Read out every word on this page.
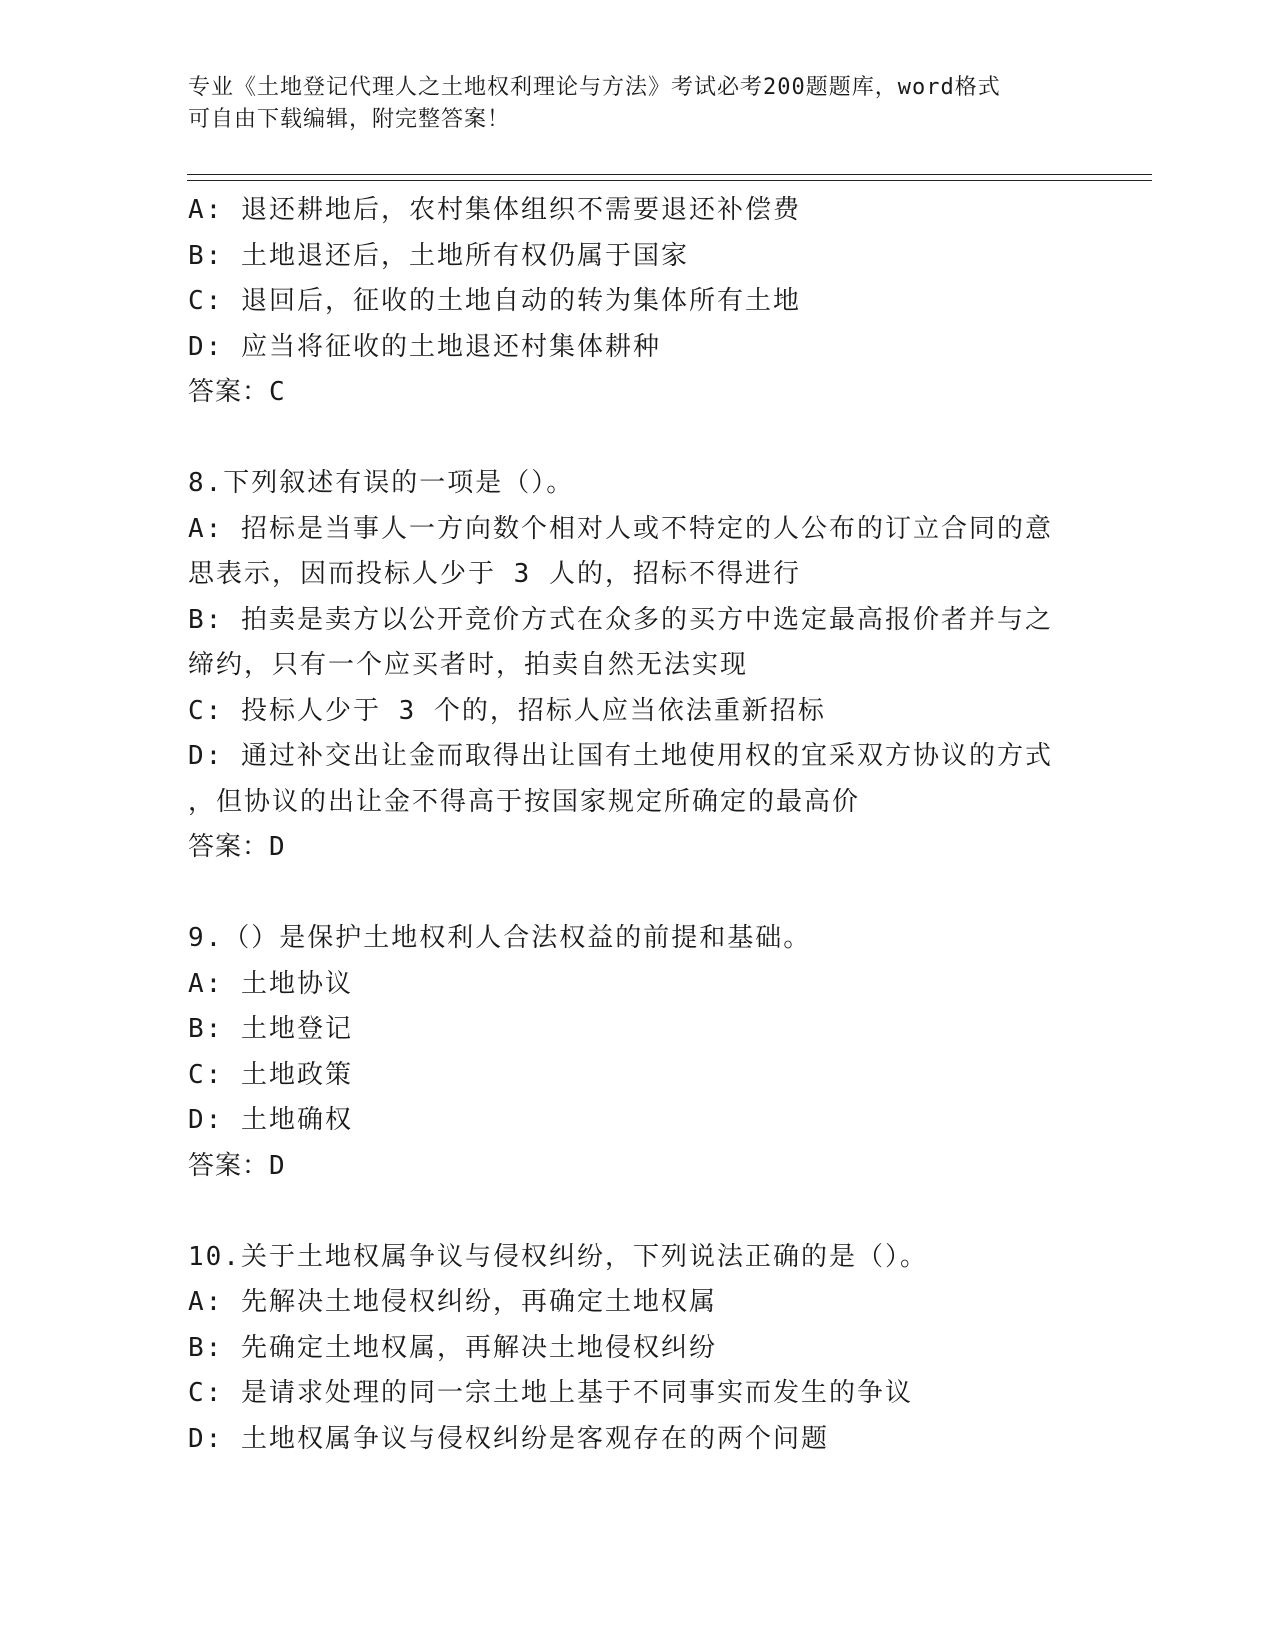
专业《土地登记代理人之土地权利理论与方法》考试必考200题题库，word格式
可自由下载编辑，附完整答案！
A: 退还耕地后，农村集体组织不需要退还补偿费
B: 土地退还后，土地所有权仍属于国家
C: 退回后，征收的土地自动的转为集体所有土地
D: 应当将征收的土地退还村集体耕种
答案：C
8.下列叙述有误的一项是（）。
A: 招标是当事人一方向数个相对人或不特定的人公布的订立合同的意
思表示，因而投标人少于 3 人的，招标不得进行
B: 拍卖是卖方以公开竞价方式在众多的买方中选定最高报价者并与之
缔约，只有一个应买者时，拍卖自然无法实现
C: 投标人少于 3 个的，招标人应当依法重新招标
D: 通过补交出让金而取得出让国有土地使用权的宜采双方协议的方式
，但协议的出让金不得高于按国家规定所确定的最高价
答案：D
9.（）是保护土地权利人合法权益的前提和基础。
A: 土地协议
B: 土地登记
C: 土地政策
D: 土地确权
答案：D
10.关于土地权属争议与侵权纠纷，下列说法正确的是（）。
A: 先解决土地侵权纠纷，再确定土地权属
B: 先确定土地权属，再解决土地侵权纠纷
C: 是请求处理的同一宗土地上基于不同事实而发生的争议
D: 土地权属争议与侵权纠纷是客观存在的两个问题
